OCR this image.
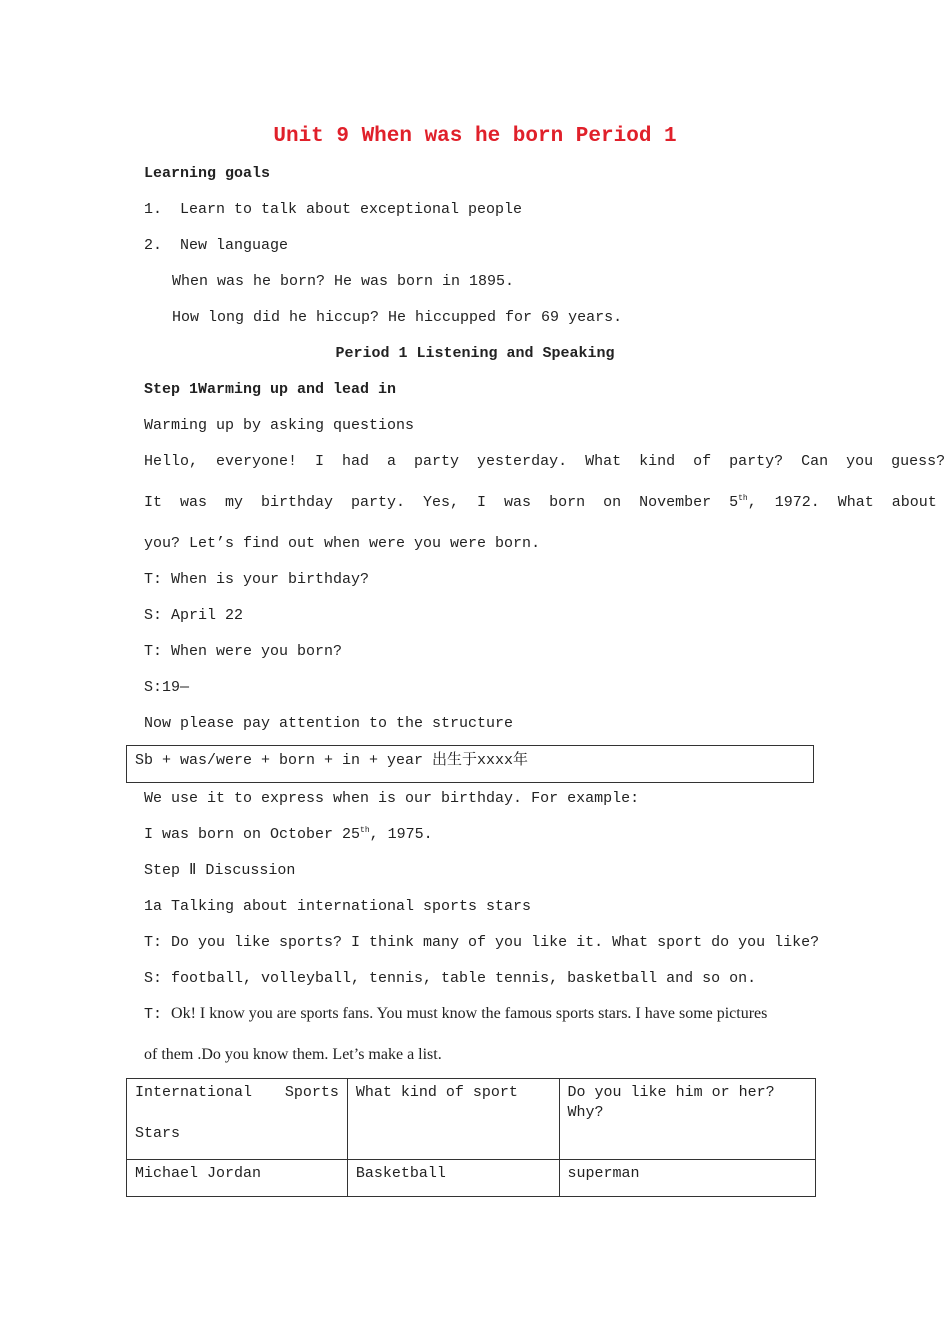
Unit 9 When was he born Period 1
Learning goals
1.  Learn to talk about exceptional people
2.  New language
When was he born? He was born in 1895.
How long did he hiccup? He hiccupped for 69 years.
Period 1 Listening and Speaking
Step 1Warming up and lead in
Warming up by asking questions
Hello,  everyone!  I  had  a  party  yesterday.  What  kind  of  party?  Can  you  guess?
It  was  my  birthday  party.  Yes,  I  was  born  on  November  5th,  1972.  What  about
you? Let’s find out when were you were born.
T: When is your birthday?
S: April 22
T: When were you born?
S:19—
Now please pay attention to the structure
Sb + was/were + born + in + year 出生于xxxx年
We use it to express when is our birthday. For example:
I was born on October 25th, 1975.
Step Ⅱ Discussion
1a Talking about international sports stars
T: Do you like sports? I think many of you like it. What sport do you like?
S: football, volleyball, tennis, table tennis, basketball and so on.
T: Ok! I know you are sports fans. You must know the famous sports stars. I have some pictures
of them .Do you know them. Let’s make a list.
International Sports
Stars	What kind of sport	Do you like him or her? Why?
Michael Jordan	Basketball	superman
